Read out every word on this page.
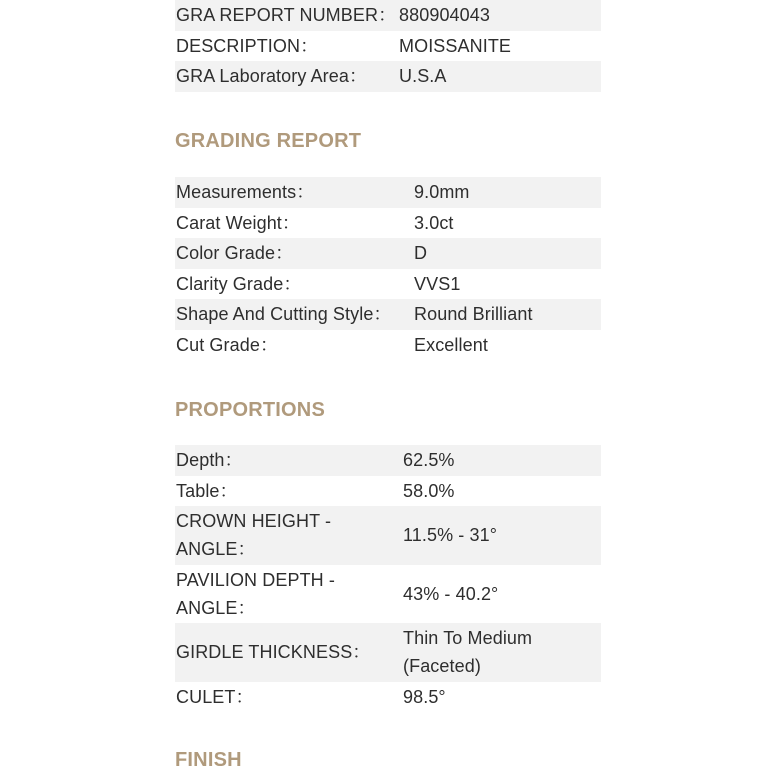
GRA REPORT NUMBER：	880904043
DESCRIPTION：	MOISSANITE
GRA Laboratory Area：	U.S.A
GRADING REPORT
Measurements：	9.0mm
Carat Weight：	3.0ct
Color Grade：	D
Clarity Grade：	VVS1
Shape And Cutting Style：	Round Brilliant
Cut Grade：	Excellent
PROPORTIONS
Depth：	62.5%
Table：	58.0%
CROWN HEIGHT - ANGLE：	11.5% - 31°
PAVILION DEPTH - ANGLE：	43% - 40.2°
GIRDLE THICKNESS：	Thin To Medium (Faceted)
CULET：	98.5°
FINISH
